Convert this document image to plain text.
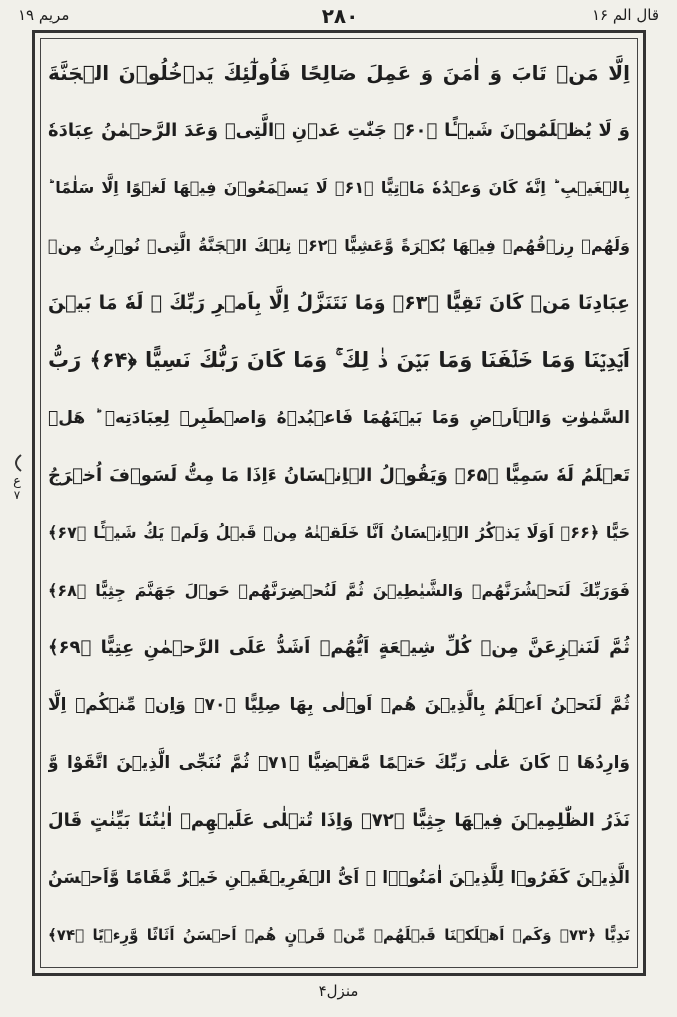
مریم ۱۹	۲۸۰	قال الم ۱۶
ع
۷
اِلَّا مَنۡ تَابَ وَ اٰمَنَ وَ عَمِلَ صَالِحًا فَاُولٰٓئِكَ يَدۡخُلُوۡنَ الۡجَنَّةَ
وَ لَا يُظۡلَمُوۡنَ شَيۡـًٔا ﴿۶۰﴾ جَنّٰتِ عَدۡنِ ۣالَّتِىۡ وَعَدَ الرَّحۡمٰنُ عِبَادَهٗ
بِالۡغَيۡبِ ؕ اِنَّهٗ كَانَ وَعۡدُهٗ مَاۡتِيًّا ﴿۶۱﴾ لَا يَسۡمَعُوۡنَ فِيۡهَا لَغۡوًا اِلَّا سَلٰمًا ؕ
وَلَهُمۡ رِزۡقُهُمۡ فِيۡهَا بُكۡرَةً وَّعَشِيًّا ﴿۶۲﴾ تِلۡكَ الۡجَنَّةُ الَّتِىۡ نُوۡرِثُ مِنۡ
عِبَادِنَا مَنۡ كَانَ تَقِيًّا ﴿۶۳﴾ وَمَا نَتَنَزَّلُ اِلَّا بِاَمۡرِ رَبِّكَ ۚ لَهٗ مَا بَيۡنَ
اَيۡدِيۡنَا وَمَا خَلۡفَنَا وَمَا بَيۡنَ ذٰ لِكَ ۚ وَمَا كَانَ رَبُّكَ نَسِيًّا ﴿۶۴﴾ رَبُّ
السَّمٰوٰتِ وَالۡاَرۡضِ وَمَا بَيۡنَهُمَا فَاعۡبُدۡهُ وَاصۡطَبِرۡ لِعِبَادَتِهٖ ؕ هَلۡ
تَعۡلَمُ لَهٗ سَمِيًّا ﴿۶۵﴾ وَيَقُوۡلُ الۡاِنۡسَانُ ءَاِذَا مَا مِتُّ لَسَوۡفَ اُخۡرَجُ
حَيًّا ﴿۶۶﴾ اَوَلَا يَذۡكُرُ الۡاِنۡسَانُ اَنَّا خَلَقۡنٰهُ مِنۡ قَبۡلُ وَلَمۡ يَكُ شَيۡـًٔا ﴿۶۷﴾
فَوَرَبِّكَ لَنَحۡشُرَنَّهُمۡ وَالشَّيٰطِيۡنَ ثُمَّ لَنُحۡضِرَنَّهُمۡ حَوۡلَ جَهَنَّمَ جِثِيًّا ﴿۶۸﴾
ثُمَّ لَنَنۡزِعَنَّ مِنۡ كُلِّ شِيۡعَةٍ اَيُّهُمۡ اَشَدُّ عَلَى الرَّحۡمٰنِ عِتِيًّا ﴿۶۹﴾
ثُمَّ لَنَحۡنُ اَعۡلَمُ بِالَّذِيۡنَ هُمۡ اَوۡلٰى بِهَا صِلِيًّا ﴿۷۰﴾ وَاِنۡ مِّنۡكُمۡ اِلَّا
وَارِدُهَا ۚ كَانَ عَلٰى رَبِّكَ حَتۡمًا مَّقۡضِيًّا ﴿۷۱﴾ ثُمَّ نُنَجِّى الَّذِيۡنَ اتَّقَوْا وَّ
نَذَرُ الظّٰلِمِيۡنَ فِيۡهَا جِثِيًّا ﴿۷۲﴾ وَاِذَا تُتۡلٰى عَلَيۡهِمۡ اٰيٰتُنَا بَيِّنٰتٍ قَالَ
الَّذِيۡنَ كَفَرُوۡا لِلَّذِيۡنَ اٰمَنُوۡۤا ۙ اَىُّ الۡفَرِيۡقَيۡنِ خَيۡرٌ مَّقَامًا وَّاَحۡسَنُ
نَدِيًّا ﴿۷۳﴾ وَكَمۡ اَهۡلَكۡنَا قَبۡلَهُمۡ مِّنۡ قَرۡنٍ هُمۡ اَحۡسَنُ اَثَاثًا وَّرِءۡيًا ﴿۷۴﴾
منزل۴
